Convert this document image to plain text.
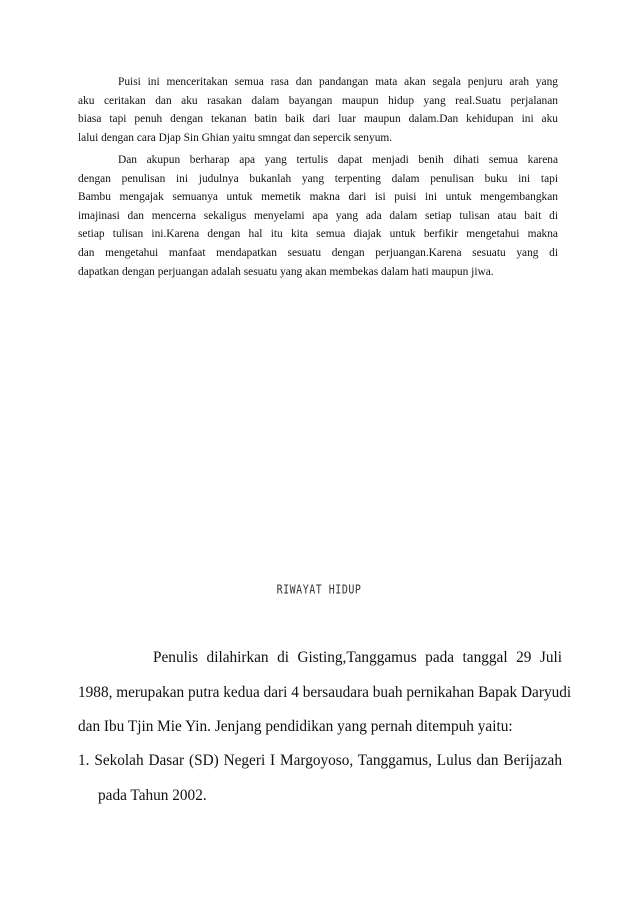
Puisi ini menceritakan semua rasa dan pandangan mata akan segala penjuru arah yang
aku ceritakan dan aku rasakan dalam bayangan maupun hidup yang real.Suatu perjalanan
biasa tapi penuh dengan tekanan batin baik dari luar maupun dalam.Dan kehidupan ini aku
lalui dengan cara Djap Sin Ghian yaitu smngat dan sepercik senyum.

Dan akupun berharap apa yang tertulis dapat menjadi benih dihati semua karena
dengan penulisan ini judulnya bukanlah yang terpenting dalam penulisan buku ini tapi
Bambu mengajak semuanya untuk memetik makna dari isi puisi ini untuk mengembangkan
imajinasi dan mencerna sekaligus menyelami apa yang ada dalam setiap tulisan atau bait di
setiap tulisan ini.Karena dengan hal itu kita semua diajak untuk berfikir mengetahui makna
dan mengetahui manfaat mendapatkan sesuatu dengan perjuangan.Karena sesuatu yang di
dapatkan dengan perjuangan adalah sesuatu yang akan membekas dalam hati maupun jiwa.

RIWAYAT HIDUP

Penulis dilahirkan di Gisting,Tanggamus pada tanggal 29 Juli
1988, merupakan putra kedua dari 4 bersaudara buah pernikahan Bapak Daryudi
dan Ibu Tjin Mie Yin. Jenjang pendidikan yang pernah ditempuh yaitu:

1. Sekolah Dasar (SD) Negeri I Margoyoso, Tanggamus, Lulus dan Berijazah
pada Tahun 2002.
